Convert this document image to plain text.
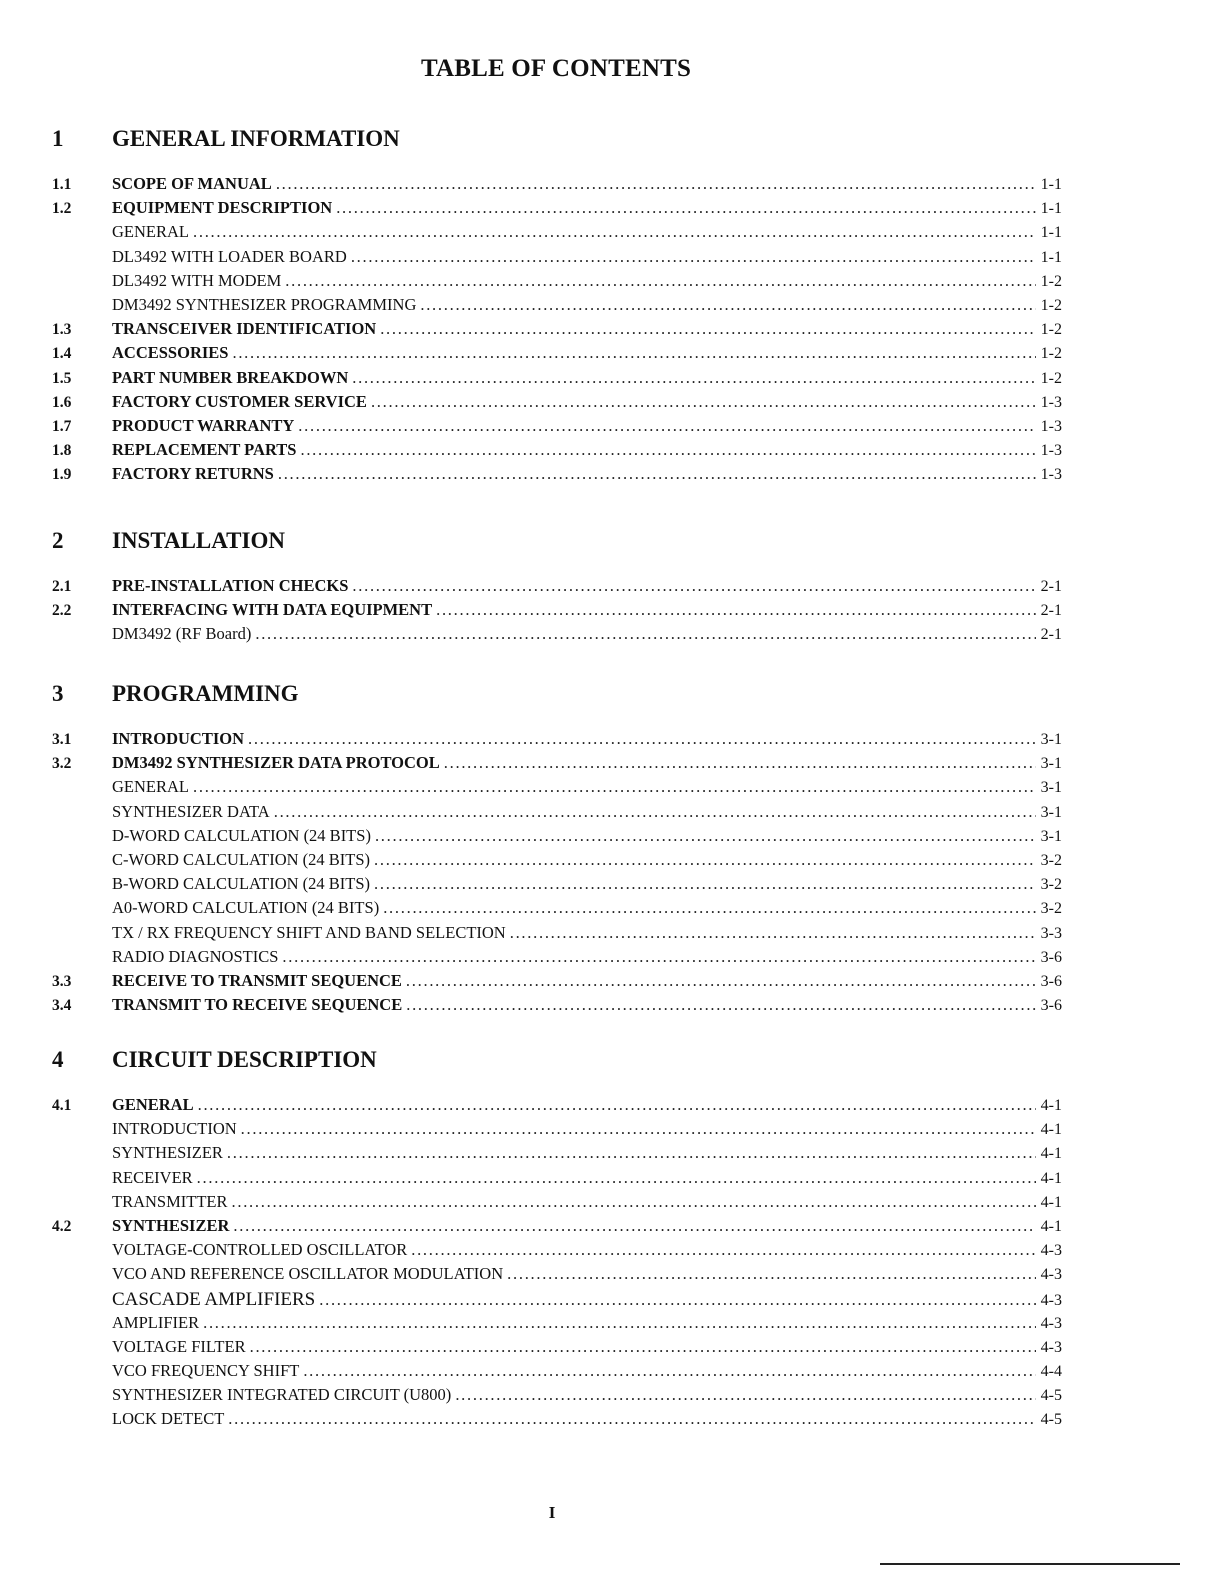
TABLE OF CONTENTS
1	GENERAL INFORMATION
1.1	SCOPE OF MANUAL . . .	1-1
1.2	EQUIPMENT DESCRIPTION . . .	1-1
GENERAL . . .	1-1
DL3492 WITH LOADER BOARD . . .	1-1
DL3492 WITH MODEM . . .	1-2
DM3492 SYNTHESIZER PROGRAMMING . . .	1-2
1.3	TRANSCEIVER IDENTIFICATION . . .	1-2
1.4	ACCESSORIES . . .	1-2
1.5	PART NUMBER BREAKDOWN . . .	1-2
1.6	FACTORY CUSTOMER SERVICE . . .	1-3
1.7	PRODUCT WARRANTY . . .	1-3
1.8	REPLACEMENT PARTS . . .	1-3
1.9	FACTORY RETURNS . . .	1-3
2	INSTALLATION
2.1	PRE-INSTALLATION CHECKS . . .	2-1
2.2	INTERFACING WITH DATA EQUIPMENT . . .	2-1
DM3492 (RF Board) . . .	2-1
3	PROGRAMMING
3.1	INTRODUCTION . . .	3-1
3.2	DM3492 SYNTHESIZER DATA PROTOCOL . . .	3-1
GENERAL . . .	3-1
SYNTHESIZER DATA . . .	3-1
D-WORD CALCULATION (24 BITS) . . .	3-1
C-WORD CALCULATION (24 BITS) . . .	3-2
B-WORD CALCULATION (24 BITS) . . .	3-2
A0-WORD CALCULATION (24 BITS) . . .	3-2
TX / RX FREQUENCY SHIFT AND BAND SELECTION . . .	3-3
RADIO DIAGNOSTICS . . .	3-6
3.3	RECEIVE TO TRANSMIT SEQUENCE . . .	3-6
3.4	TRANSMIT TO RECEIVE SEQUENCE . . .	3-6
4	CIRCUIT DESCRIPTION
4.1	GENERAL . . .	4-1
INTRODUCTION . . .	4-1
SYNTHESIZER . . .	4-1
RECEIVER . . .	4-1
TRANSMITTER . . .	4-1
4.2	SYNTHESIZER . . .	4-1
VOLTAGE-CONTROLLED OSCILLATOR . . .	4-3
VCO AND REFERENCE OSCILLATOR MODULATION . . .	4-3
CASCADE AMPLIFIERS . . .	4-3
AMPLIFIER . . .	4-3
VOLTAGE FILTER . . .	4-3
VCO FREQUENCY SHIFT . . .	4-4
SYNTHESIZER INTEGRATED CIRCUIT (U800) . . .	4-5
LOCK DETECT . . .	4-5
I
